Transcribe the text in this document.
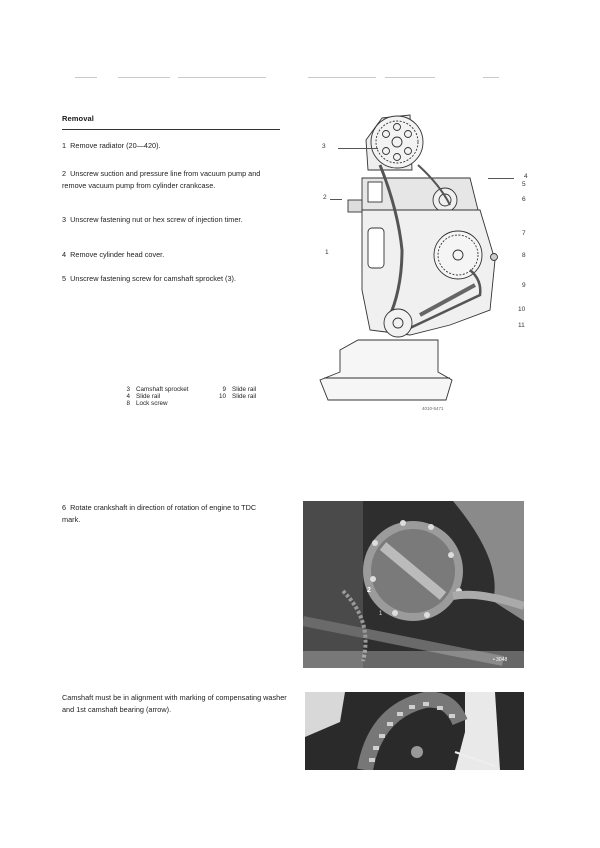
Removal
1 Remove radiator (20—420).
2 Unscrew suction and pressure line from vacuum pump and remove vacuum pump from cylinder crankcase.
3 Unscrew fastening nut or hex screw of injection timer.
4 Remove cylinder head cover.
5 Unscrew fastening screw for camshaft sprocket (3).
3 Camshaft sprocket
4 Slide rail
8 Lock screw
9 Slide rail
10 Slide rail
3
2
1
4
5
6
7
8
9
10
11
4010-5471
6 Rotate crankshaft in direction of rotation of engine to TDC mark.
2
1
• 3048
Camshaft must be in alignment with marking of compensating washer and 1st camshaft bearing (arrow).
